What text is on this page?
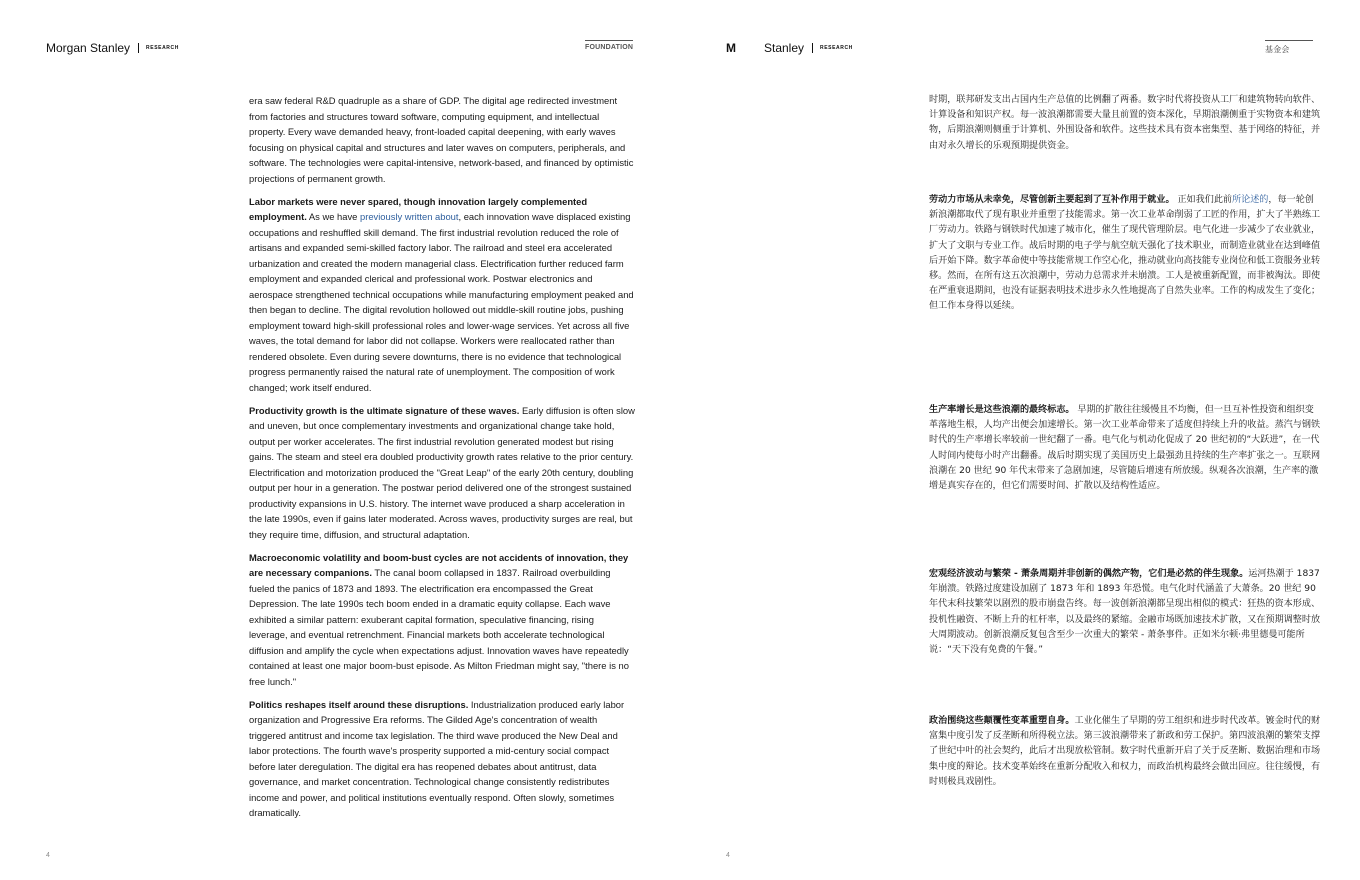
Morgan Stanley	RESEARCH	FOUNDATION

era saw federal R&D quadruple as a share of GDP. The digital age redirected investment from factories and structures toward software, computing equipment, and intellectual property. Every wave demanded heavy, front-loaded capital deepening, with early waves focusing on physical capital and structures and later waves on computers, peripherals, and software. The technologies were capital-intensive, network-based, and financed by optimistic projections of permanent growth.

Labor markets were never spared, though innovation largely complemented employment. As we have previously written about, each innovation wave displaced existing occupations and reshuffled skill demand. The first industrial revolution reduced the role of artisans and expanded semi-skilled factory labor. The railroad and steel era accelerated urbanization and created the modern managerial class. Electrification further reduced farm employment and expanded clerical and professional work. Postwar electronics and aerospace strengthened technical occupations while manufacturing employment peaked and then began to decline. The digital revolution hollowed out middle-skill routine jobs, pushing employment toward high-skill professional roles and lower-wage services. Yet across all five waves, the total demand for labor did not collapse. Workers were reallocated rather than rendered obsolete. Even during severe downturns, there is no evidence that technological progress permanently raised the natural rate of unemployment. The composition of work changed; work itself endured.

Productivity growth is the ultimate signature of these waves. Early diffusion is often slow and uneven, but once complementary investments and organizational change take hold, output per worker accelerates. The first industrial revolution generated modest but rising gains. The steam and steel era doubled productivity growth rates relative to the prior century. Electrification and motorization produced the "Great Leap" of the early 20th century, doubling output per hour in a generation. The postwar period delivered one of the strongest sustained productivity expansions in U.S. history. The internet wave produced a sharp acceleration in the late 1990s, even if gains later moderated. Across waves, productivity surges are real, but they require time, diffusion, and structural adaptation.

Macroeconomic volatility and boom-bust cycles are not accidents of innovation, they are necessary companions. The canal boom collapsed in 1837. Railroad overbuilding fueled the panics of 1873 and 1893. The electrification era encompassed the Great Depression. The late 1990s tech boom ended in a dramatic equity collapse. Each wave exhibited a similar pattern: exuberant capital formation, speculative financing, rising leverage, and eventual retrenchment. Financial markets both accelerate technological diffusion and amplify the cycle when expectations adjust. Innovation waves have repeatedly contained at least one major boom-bust episode. As Milton Friedman might say, "there is no free lunch."

Politics reshapes itself around these disruptions. Industrialization produced early labor organization and Progressive Era reforms. The Gilded Age's concentration of wealth triggered antitrust and income tax legislation. The third wave produced the New Deal and labor protections. The fourth wave's prosperity supported a mid-century social compact before later deregulation. The digital era has reopened debates about antitrust, data governance, and market concentration. Technological change consistently redistributes income and power, and political institutions eventually respond. Often slowly, sometimes dramatically.

4
M Stanley	RESEARCH	基金会

时期，联邦研发支出占国内生产总值的比例翻了两番。数字时代将投资从工厂和建筑物转向软件、计算设备和知识产权。每一波浪潮都需要大量且前置的资本深化，早期浪潮侧重于实物资本和建筑物，后期浪潮则侧重于计算机、外围设备和软件。这些技术具有资本密集型、基于网络的特征，并由对永久增长的乐观预期提供资金。

劳动力市场从未幸免，尽管创新主要起到了互补作用于就业。 正如我们此前所论述的，每一轮创新浪潮都取代了现有职业并重塑了技能需求。第一次工业革命削弱了工匠的作用，扩大了半熟练工厂劳动力。铁路与钢铁时代加速了城市化，催生了现代管理阶层。电气化进一步减少了农业就业，扩大了文职与专业工作。战后时期的电子学与航空航天强化了技术职业，而制造业就业在达到峰值后开始下降。数字革命使中等技能常规工作空心化，推动就业向高技能专业岗位和低工资服务业转移。然而，在所有这五次浪潮中，劳动力总需求并未崩溃。工人是被重新配置，而非被淘汰。即使在严重衰退期间，也没有证据表明技术进步永久性地提高了自然失业率。工作的构成发生了变化；但工作本身得以延续。

生产率增长是这些浪潮的最终标志。 早期的扩散往往缓慢且不均衡，但一旦互补性投资和组织变革落地生根，人均产出便会加速增长。第一次工业革命带来了适度但持续上升的收益。蒸汽与钢铁时代的生产率增长率较前一世纪翻了一番。电气化与机动化促成了 20 世纪初的“大跃进”，在一代人时间内使每小时产出翻番。战后时期实现了美国历史上最强劲且持续的生产率扩张之一。互联网浪潮在 20 世纪 90 年代末带来了急剧加速，尽管随后增速有所放缓。纵观各次浪潮，生产率的激增是真实存在的，但它们需要时间、扩散以及结构性适应。

宏观经济波动与繁荣 - 萧条周期并非创新的偶然产物，它们是必然的伴生现象。运河热潮于 1837 年崩溃。铁路过度建设加剧了 1873 年和 1893 年恐慌。电气化时代涵盖了大萧条。20 世纪 90 年代末科技繁荣以剧烈的股市崩盘告终。每一波创新浪潮都呈现出相似的模式：狂热的资本形成、投机性融资、不断上升的杠杆率，以及最终的紧缩。金融市场既加速技术扩散，又在预期调整时放大周期波动。创新浪潮反复包含至少一次重大的繁荣 - 萧条事件。正如米尔顿·弗里德曼可能所说：“天下没有免费的午餐。”

政治围绕这些颠覆性变革重塑自身。工业化催生了早期的劳工组织和进步时代改革。镀金时代的财富集中度引发了反垄断和所得税立法。第三波浪潮带来了新政和劳工保护。第四波浪潮的繁荣支撑了世纪中叶的社会契约，此后才出现放松管制。数字时代重新开启了关于反垄断、数据治理和市场集中度的辩论。技术变革始终在重新分配收入和权力，而政治机构最终会做出回应。往往缓慢，有时则极具戏剧性。

4
